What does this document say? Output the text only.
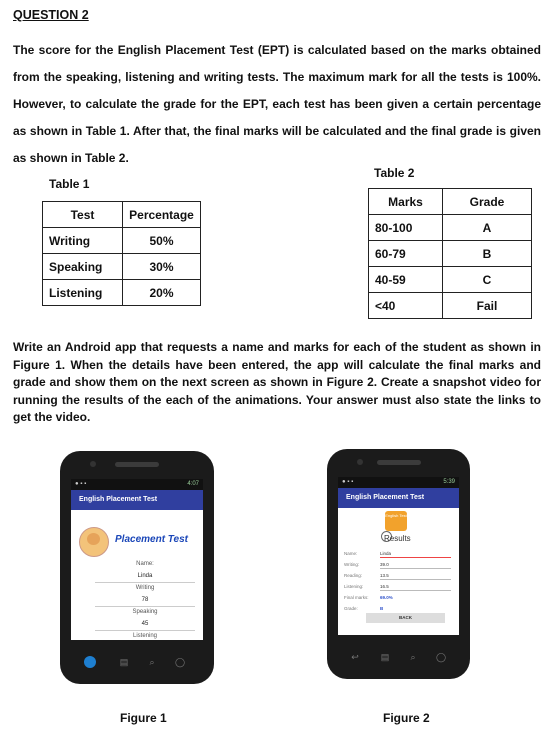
QUESTION 2
The score for the English Placement Test (EPT) is calculated based on the marks obtained from the speaking, listening and writing tests. The maximum mark for all the tests is 100%. However, to calculate the grade for the EPT, each test has been given a certain percentage as shown in Table 1. After that, the final marks will be calculated and the final grade is given as shown in Table 2.
Table 1
Test	Percentage
Writing	50%
Speaking	30%
Listening	20%
Table 2
Marks	Grade
80-100	A
60-79	B
40-59	C
<40	Fail
Write an Android app that requests a name and marks for each of the student as shown in Figure 1. When the details have been entered, the app will calculate the final marks and grade and show them on the next screen as shown in Figure 2. Create a snapshot video for running the results of the each of the animations. Your answer must also state the links to get the video.
● ▪ ▪	4:07
English Placement Test
Placement Test
Name:
Linda
Writing
78
Speaking
45
Listening
▤	⌕	◯
● ▪ ▪	5:39
English Placement Test
English Test
Results
Name:	Linda
Writing:	39.0
Reading:	13.5
Listening:	16.5
Final marks:	69.0%
Grade:	B
BACK
↩ ▤	⌕	◯
Figure 1	Figure 2
